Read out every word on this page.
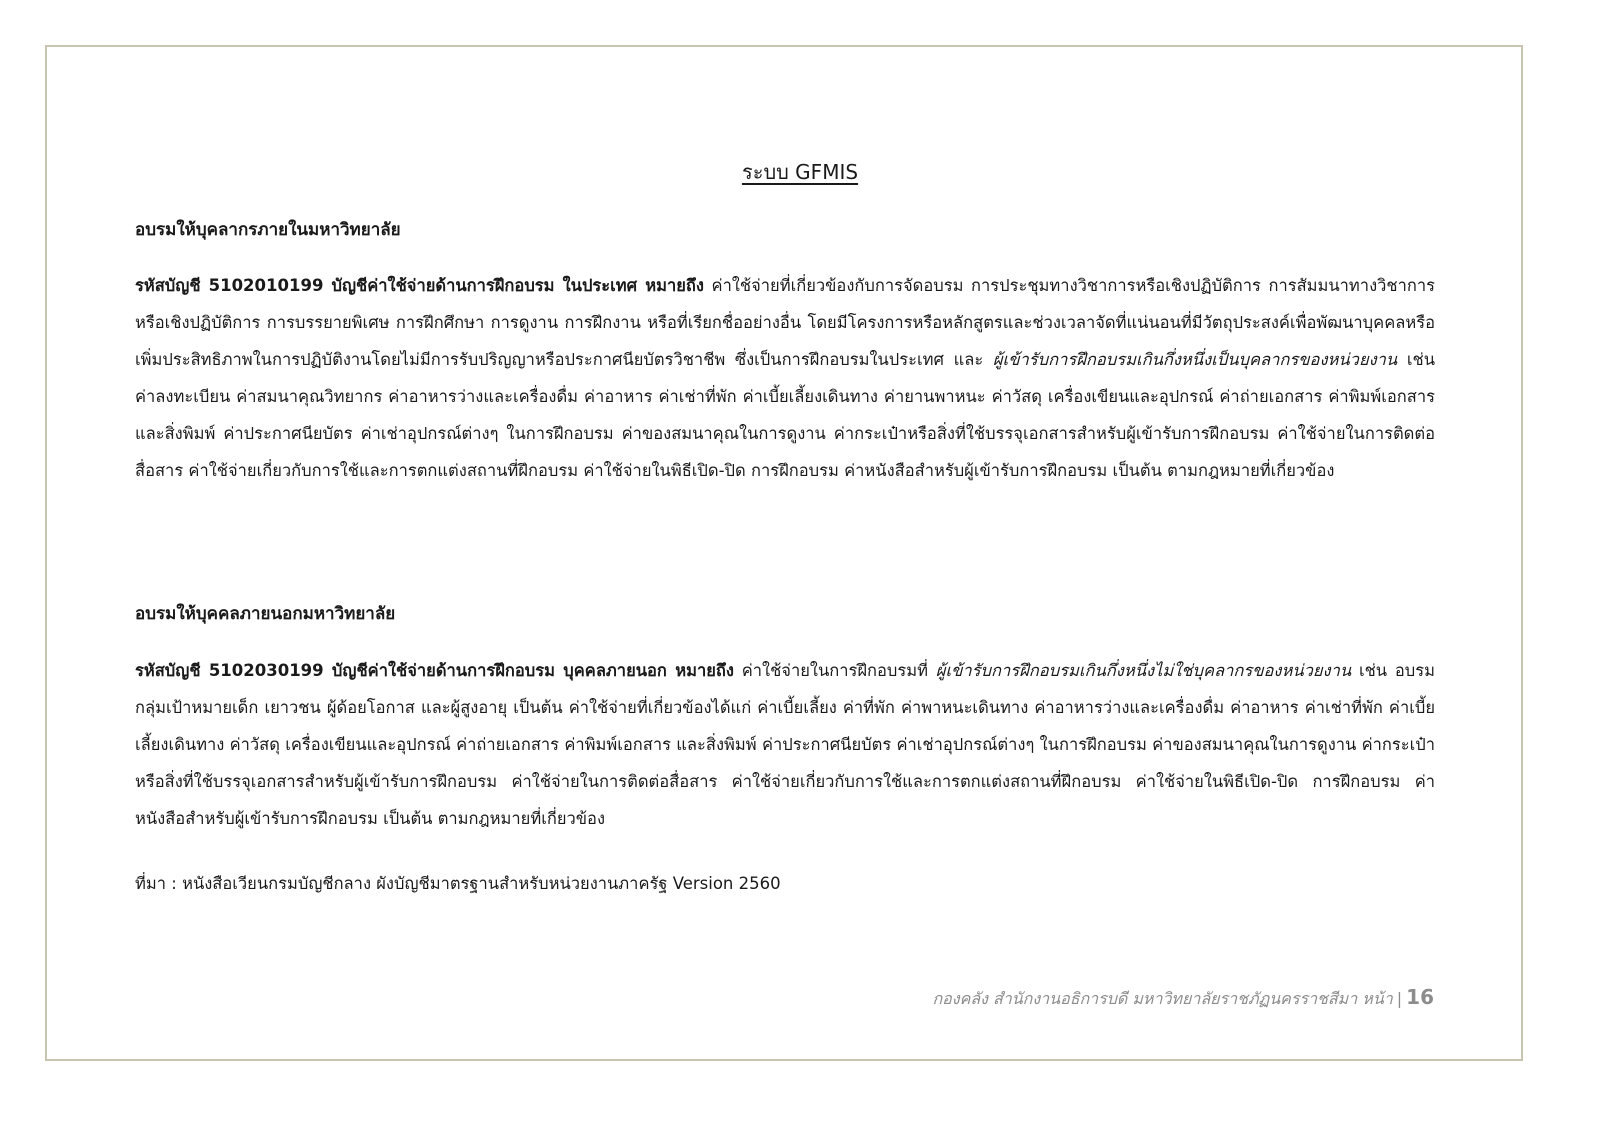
ระบบ GFMIS
อบรมให้บุคลากรภายในมหาวิทยาลัย
รหัสบัญชี 5102010199 บัญชีค่าใช้จ่ายด้านการฝึกอบรม ในประเทศ หมายถึง ค่าใช้จ่ายที่เกี่ยวข้องกับการจัดอบรม การประชุมทางวิชาการหรือเชิงปฏิบัติการ การสัมมนาทางวิชาการหรือเชิงปฏิบัติการ การบรรยายพิเศษ การฝึกศึกษา การดูงาน การฝึกงาน หรือที่เรียกชื่ออย่างอื่น โดยมีโครงการหรือหลักสูตรและช่วงเวลาจัดที่แน่นอนที่มีวัตถุประสงค์เพื่อพัฒนาบุคคลหรือเพิ่มประสิทธิภาพในการปฏิบัติงานโดยไม่มีการรับปริญญาหรือประกาศนียบัตรวิชาชีพ ซึ่งเป็นการฝึกอบรมในประเทศ และ ผู้เข้ารับการฝึกอบรมเกินกึ่งหนึ่งเป็นบุคลากรของหน่วยงาน เช่น ค่าลงทะเบียน ค่าสมนาคุณวิทยากร ค่าอาหารว่างและเครื่องดื่ม ค่าอาหาร ค่าเช่าที่พัก ค่าเบี้ยเลี้ยงเดินทาง ค่ายานพาหนะ ค่าวัสดุ เครื่องเขียนและอุปกรณ์ ค่าถ่ายเอกสาร ค่าพิมพ์เอกสาร และสิ่งพิมพ์ ค่าประกาศนียบัตร ค่าเช่าอุปกรณ์ต่างๆ ในการฝึกอบรม ค่าของสมนาคุณในการดูงาน ค่ากระเป๋าหรือสิ่งที่ใช้บรรจุเอกสารสำหรับผู้เข้ารับการฝึกอบรม ค่าใช้จ่ายในการติดต่อสื่อสาร ค่าใช้จ่ายเกี่ยวกับการใช้และการตกแต่งสถานที่ฝึกอบรม ค่าใช้จ่ายในพิธีเปิด-ปิด การฝึกอบรม ค่าหนังสือสำหรับผู้เข้ารับการฝึกอบรม เป็นต้น ตามกฎหมายที่เกี่ยวข้อง
อบรมให้บุคคลภายนอกมหาวิทยาลัย
รหัสบัญชี 5102030199 บัญชีค่าใช้จ่ายด้านการฝึกอบรม บุคคลภายนอก หมายถึง ค่าใช้จ่ายในการฝึกอบรมที่ ผู้เข้ารับการฝึกอบรมเกินกึ่งหนึ่งไม่ใช่บุคลากรของหน่วยงาน เช่น อบรมกลุ่มเป้าหมายเด็ก เยาวชน ผู้ด้อยโอกาส และผู้สูงอายุ เป็นต้น ค่าใช้จ่ายที่เกี่ยวข้องได้แก่ ค่าเบี้ยเลี้ยง ค่าที่พัก ค่าพาหนะเดินทาง ค่าอาหารว่างและเครื่องดื่ม ค่าอาหาร ค่าเช่าที่พัก ค่าเบี้ยเลี้ยงเดินทาง ค่าวัสดุ เครื่องเขียนและอุปกรณ์ ค่าถ่ายเอกสาร ค่าพิมพ์เอกสาร และสิ่งพิมพ์ ค่าประกาศนียบัตร ค่าเช่าอุปกรณ์ต่างๆ ในการฝึกอบรม ค่าของสมนาคุณในการดูงาน ค่ากระเป๋าหรือสิ่งที่ใช้บรรจุเอกสารสำหรับผู้เข้ารับการฝึกอบรม ค่าใช้จ่ายในการติดต่อสื่อสาร ค่าใช้จ่ายเกี่ยวกับการใช้และการตกแต่งสถานที่ฝึกอบรม ค่าใช้จ่ายในพิธีเปิด-ปิด การฝึกอบรม ค่าหนังสือสำหรับผู้เข้ารับการฝึกอบรม เป็นต้น ตามกฎหมายที่เกี่ยวข้อง
ที่มา : หนังสือเวียนกรมบัญชีกลาง ผังบัญชีมาตรฐานสำหรับหน่วยงานภาครัฐ Version 2560
กองคลัง สำนักงานอธิการบดี มหาวิทยาลัยราชภัฏนครราชสีมา หน้า | 16
